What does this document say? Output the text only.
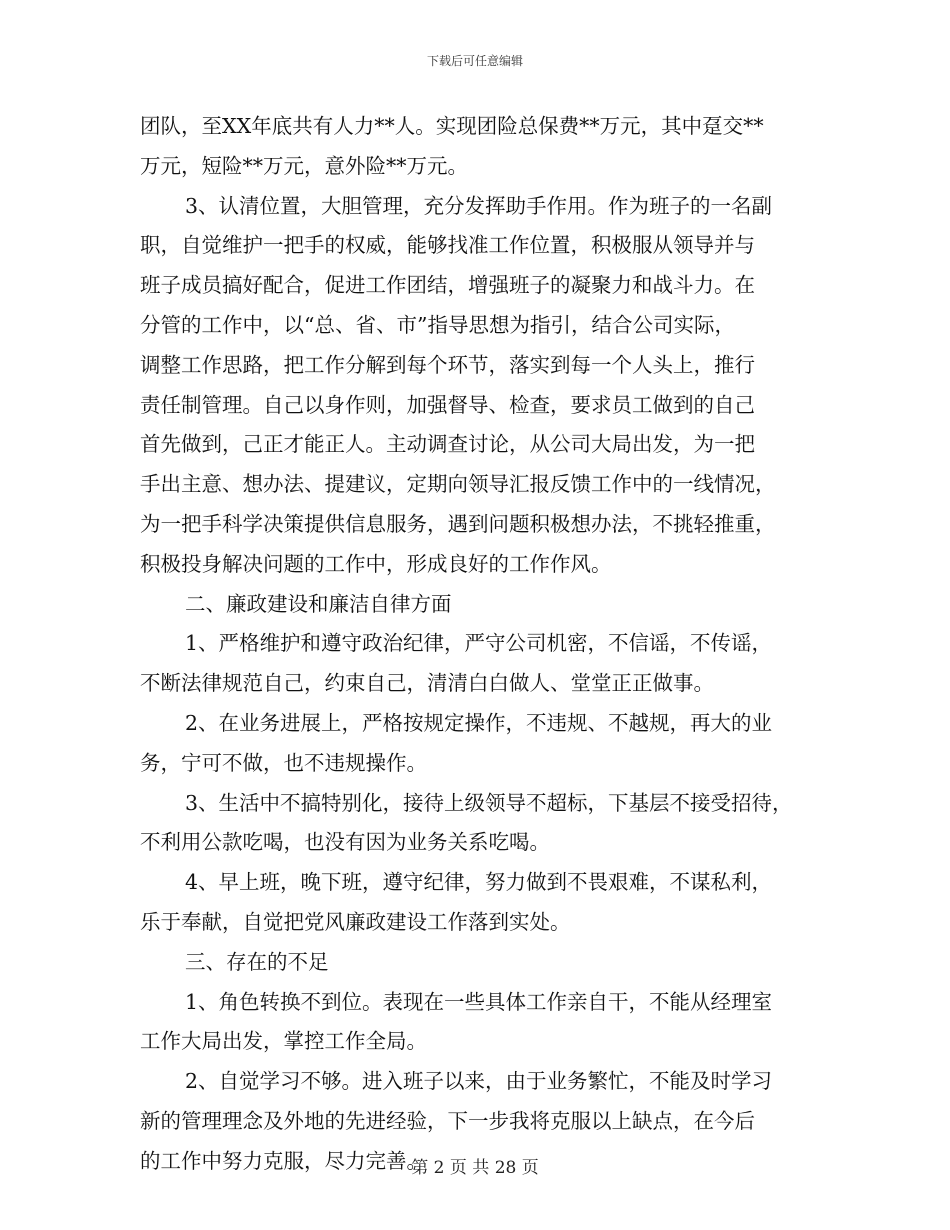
下载后可任意编辑
团队，至XX年底共有人力**人。实现团险总保费**万元，其中趸交**
万元，短险**万元，意外险**万元。
3、认清位置，大胆管理，充分发挥助手作用。作为班子的一名副
职，自觉维护一把手的权威，能够找准工作位置，积极服从领导并与
班子成员搞好配合，促进工作团结，增强班子的凝聚力和战斗力。在
分管的工作中，以“总、省、市”指导思想为指引，结合公司实际，
调整工作思路，把工作分解到每个环节，落实到每一个人头上，推行
责任制管理。自己以身作则，加强督导、检查，要求员工做到的自己
首先做到，己正才能正人。主动调查讨论，从公司大局出发，为一把
手出主意、想办法、提建议，定期向领导汇报反馈工作中的一线情况，
为一把手科学决策提供信息服务，遇到问题积极想办法，不挑轻推重，
积极投身解决问题的工作中，形成良好的工作作风。
二、廉政建设和廉洁自律方面
1、严格维护和遵守政治纪律，严守公司机密，不信谣，不传谣，
不断法律规范自己，约束自己，清清白白做人、堂堂正正做事。
2、在业务进展上，严格按规定操作，不违规、不越规，再大的业
务，宁可不做，也不违规操作。
3、生活中不搞特别化，接待上级领导不超标，下基层不接受招待，
不利用公款吃喝，也没有因为业务关系吃喝。
4、早上班，晚下班，遵守纪律，努力做到不畏艰难，不谋私利，
乐于奉献，自觉把党风廉政建设工作落到实处。
三、存在的不足
1、角色转换不到位。表现在一些具体工作亲自干，不能从经理室
工作大局出发，掌控工作全局。
2、自觉学习不够。进入班子以来，由于业务繁忙，不能及时学习
新的管理理念及外地的先进经验，下一步我将克服以上缺点，在今后
的工作中努力克服，尽力完善。
第 2 页 共 28 页
